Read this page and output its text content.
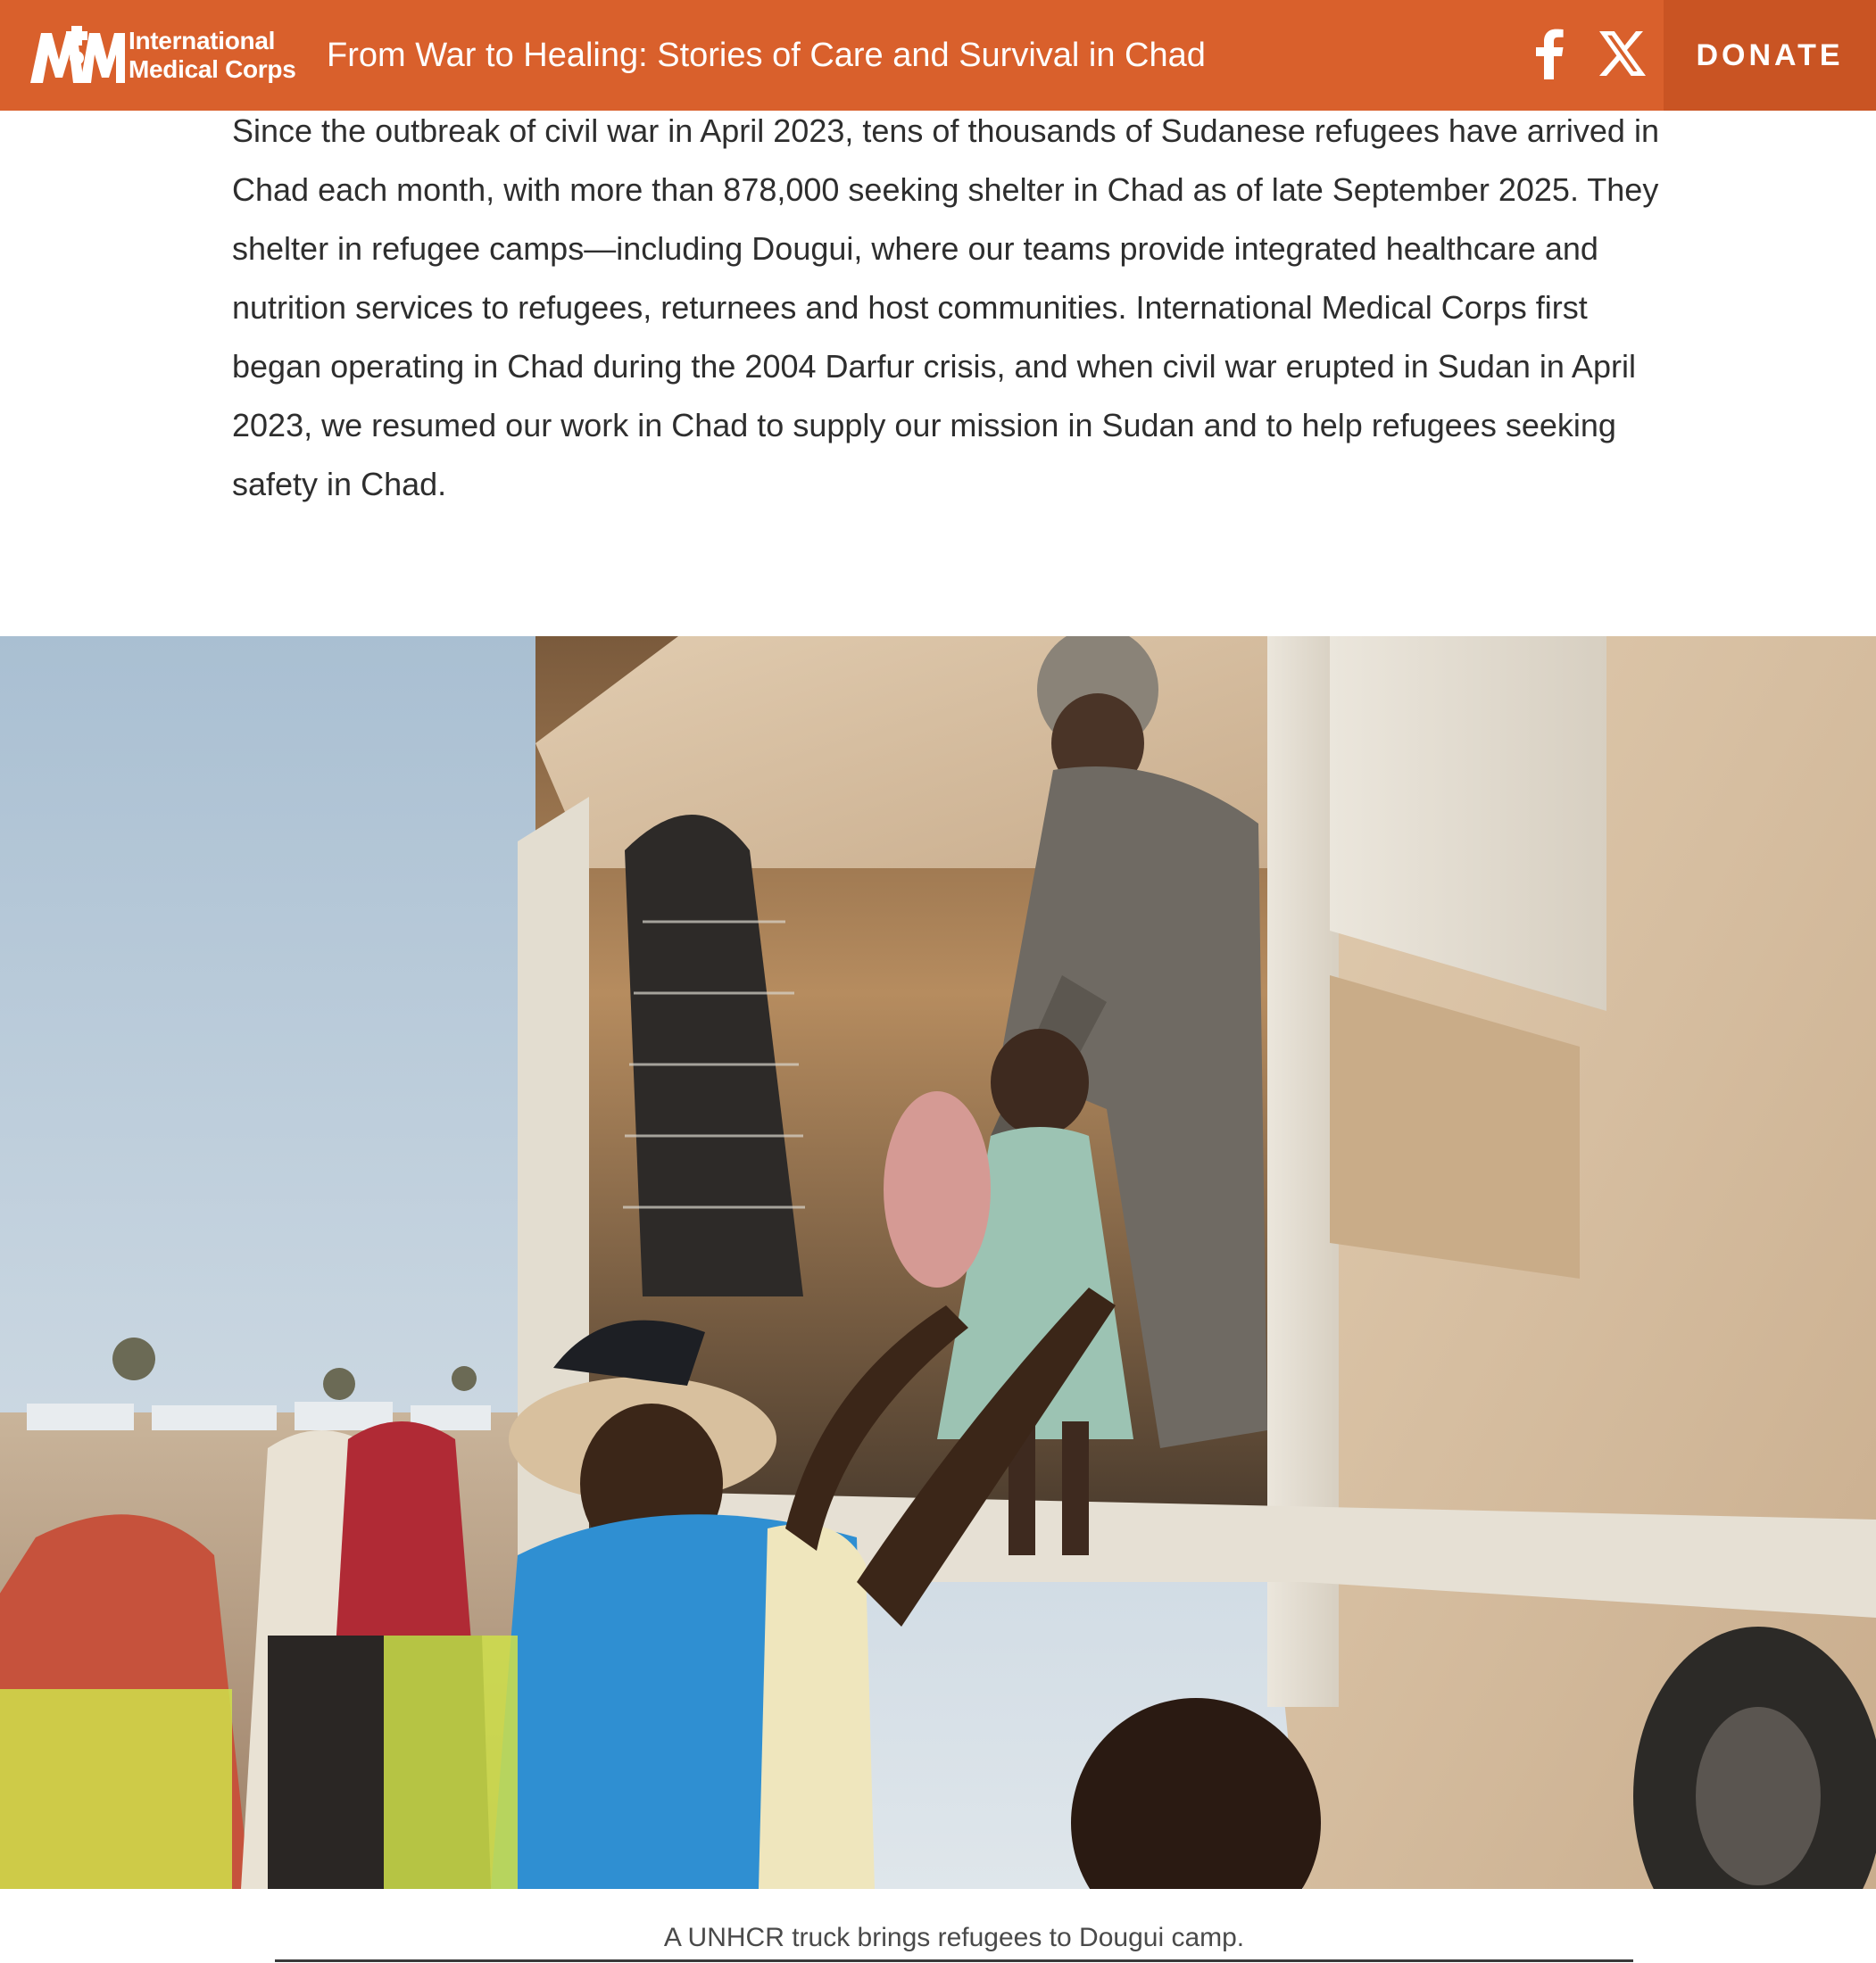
International
Medical Corps From War to Healing: Stories of Care and Survival in Chad	DONATE

Since the outbreak of civil war in April 2023, tens of thousands of Sudanese refugees have arrived in Chad each month, with more than 878,000 seeking shelter in Chad as of late September 2025. They shelter in refugee camps—including Dougui, where our teams provide integrated healthcare and nutrition services to refugees, returnees and host communities. International Medical Corps first began operating in Chad during the 2004 Darfur crisis, and when civil war erupted in Sudan in April 2023, we resumed our work in Chad to supply our mission in Sudan and to help refugees seeking safety in Chad.

A UNHCR truck brings refugees to Dougui camp.
